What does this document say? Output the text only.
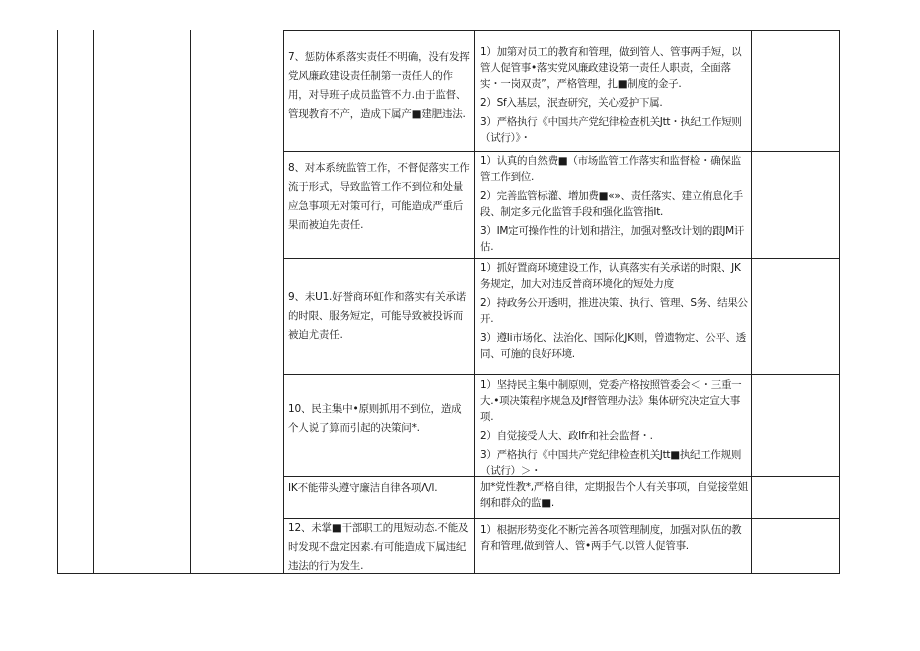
7、惩防体系落实责任不明确，没有发挥党风廉政建设责任制第一责任人的作用，对导班子成员监管不力.由于监督、管现教育不产，造成下属产■建肥违法.

1）加第对员工的教育和管理，做到管人、管事两手短，以管人促管事•落实党风廉政建设第一责任人职责，全面落实・一岗双责”，严格管理，扎■制度的金子.

2）Sf入基层，泯查研究，关心爱护下属.

3）严格执行《中国共产党纪律检查机关Jtt・执纪工作短则（试行）》・

8、对本系统监管工作，不督促落实工作流于形式，导致监管工作不到位和处量应急事项无对策可行，可能造成严重后果而被迫先责任.

1）认真的自然费■（市场监管工作落实和监督检・确保监管工作到位.

2）完善监管标灌、增加费■«»、责任落实、建立侑息化手段、制定多元化监管手段和强化监管指It.

3）IM定可操作性的计划和措注，加强对整改计划的跟JM讦估.

9、未U1.好誉商环虹作和落实有关承诺的时限、服务短定，可能导致被投诉而被迫尤责任.

1）抓好置商环境建设工作，认真落实有关承诺的时限、JK务规定，加大对违反普商环境化的短处力度

2）持政务公开透明，推进决策、执行、管理、S务、结果公开.

3）遵Ii市场化、法治化、国际化JK则，曾遗物定、公平、透同、可施的良好环境.

10、民主集中•原则抓用不到位，造成个人说了算而引起的决策问*.

1）坚持民主集中制原则，党委产格按照管委会＜・三重一大.•项决策程序规急及Jf督管理办法》集体研究决定宣大事项.

2）自觉接受人大、政Ifr和社会监督・.

3）严格执行《中国共产党纪律检查机关Jtt■执纪工作规则（试行）＞・

IK不能带头遵守廉洁自律各项Λ/l.	加*党性教*,严格自律，定期报告个人有关事项，自觉接堂姐纲和群众的监■.

12、未掌■干部职工的甩短动态.不能及时发现不盘定因素.有可能造成下属违纪违法的行为发生.

1）根据形势变化不断完善各项管理制度，加强对队伍的教育和管理,做到管人、管•两手气.以管人促管事.
